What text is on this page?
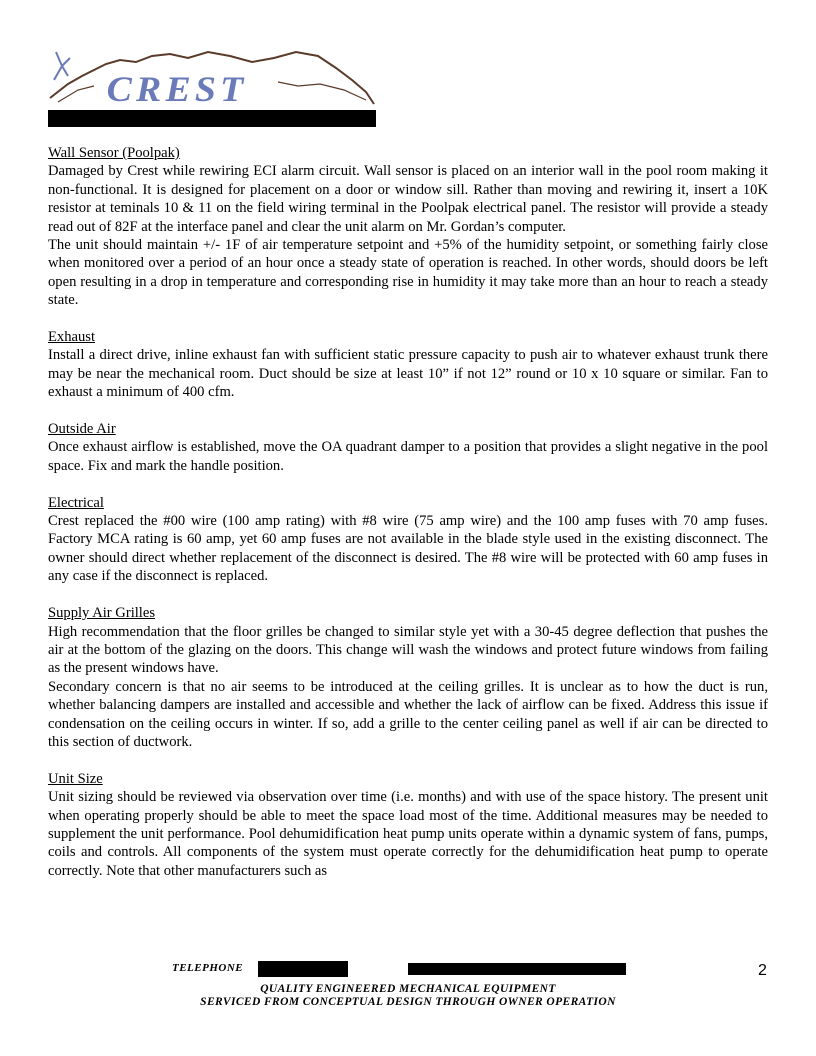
CREST
Wall Sensor (Poolpak)

Damaged by Crest while rewiring ECI alarm circuit. Wall sensor is placed on an interior wall in the pool room making it non-functional. It is designed for placement on a door or window sill. Rather than moving and rewiring it, insert a 10K resistor at teminals 10 & 11 on the field wiring terminal in the Poolpak electrical panel. The resistor will provide a steady read out of 82F at the interface panel and clear the unit alarm on Mr. Gordan’s computer.

The unit should maintain +/- 1F of air temperature setpoint and +5% of the humidity setpoint, or something fairly close when monitored over a period of an hour once a steady state of operation is reached. In other words, should doors be left open resulting in a drop in temperature and corresponding rise in humidity it may take more than an hour to reach a steady state.

Exhaust

Install a direct drive, inline exhaust fan with sufficient static pressure capacity to push air to whatever exhaust trunk there may be near the mechanical room. Duct should be size at least 10” if not 12” round or 10 x 10 square or similar. Fan to exhaust a minimum of 400 cfm.

Outside Air

Once exhaust airflow is established, move the OA quadrant damper to a position that provides a slight negative in the pool space. Fix and mark the handle position.

Electrical

Crest replaced the #00 wire (100 amp rating) with #8 wire (75 amp wire) and the 100 amp fuses with 70 amp fuses. Factory MCA rating is 60 amp, yet 60 amp fuses are not available in the blade style used in the existing disconnect. The owner should direct whether replacement of the disconnect is desired. The #8 wire will be protected with 60 amp fuses in any case if the disconnect is replaced.

Supply Air Grilles

High recommendation that the floor grilles be changed to similar style yet with a 30-45 degree deflection that pushes the air at the bottom of the glazing on the doors. This change will wash the windows and protect future windows from failing as the present windows have.

Secondary concern is that no air seems to be introduced at the ceiling grilles. It is unclear as to how the duct is run, whether balancing dampers are installed and accessible and whether the lack of airflow can be fixed. Address this issue if condensation on the ceiling occurs in winter. If so, add a grille to the center ceiling panel as well if air can be directed to this section of ductwork.

Unit Size

Unit sizing should be reviewed via observation over time (i.e. months) and with use of the space history. The present unit when operating properly should be able to meet the space load most of the time. Additional measures may be needed to supplement the unit performance. Pool dehumidification heat pump units operate within a dynamic system of fans, pumps, coils and controls. All components of the system must operate correctly for the dehumidification heat pump to operate correctly. Note that other manufacturers such as

TELEPHONE	2
QUALITY ENGINEERED MECHANICAL EQUIPMENT
SERVICED FROM CONCEPTUAL DESIGN THROUGH OWNER OPERATION
